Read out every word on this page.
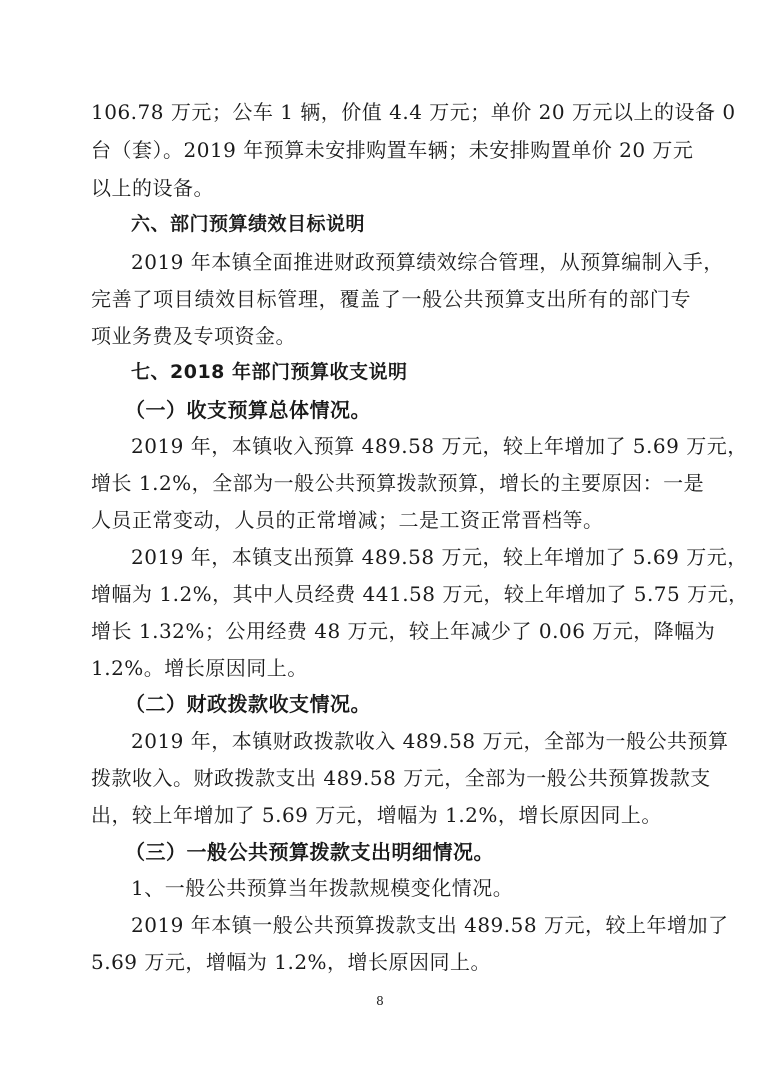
106.78 万元；公车 1 辆，价值 4.4 万元；单价 20 万元以上的设备 0
台（套）。2019 年预算未安排购置车辆；未安排购置单价 20 万元
以上的设备。
六、部门预算绩效目标说明
2019 年本镇全面推进财政预算绩效综合管理，从预算编制入手，
完善了项目绩效目标管理，覆盖了一般公共预算支出所有的部门专
项业务费及专项资金。
七、2018 年部门预算收支说明
（一）收支预算总体情况。
2019 年，本镇收入预算 489.58 万元，较上年增加了 5.69 万元，
增长 1.2%，全部为一般公共预算拨款预算，增长的主要原因：一是
人员正常变动，人员的正常增减；二是工资正常晋档等。
2019 年，本镇支出预算 489.58 万元，较上年增加了 5.69 万元，
增幅为 1.2%，其中人员经费 441.58 万元，较上年增加了 5.75 万元，
增长 1.32%；公用经费 48 万元，较上年减少了 0.06 万元，降幅为
1.2%。增长原因同上。
（二）财政拨款收支情况。
2019 年，本镇财政拨款收入 489.58 万元，全部为一般公共预算
拨款收入。财政拨款支出 489.58 万元，全部为一般公共预算拨款支
出，较上年增加了 5.69 万元，增幅为 1.2%，增长原因同上。
（三）一般公共预算拨款支出明细情况。
1、一般公共预算当年拨款规模变化情况。
2019 年本镇一般公共预算拨款支出 489.58 万元，较上年增加了
5.69 万元，增幅为 1.2%，增长原因同上。
8
